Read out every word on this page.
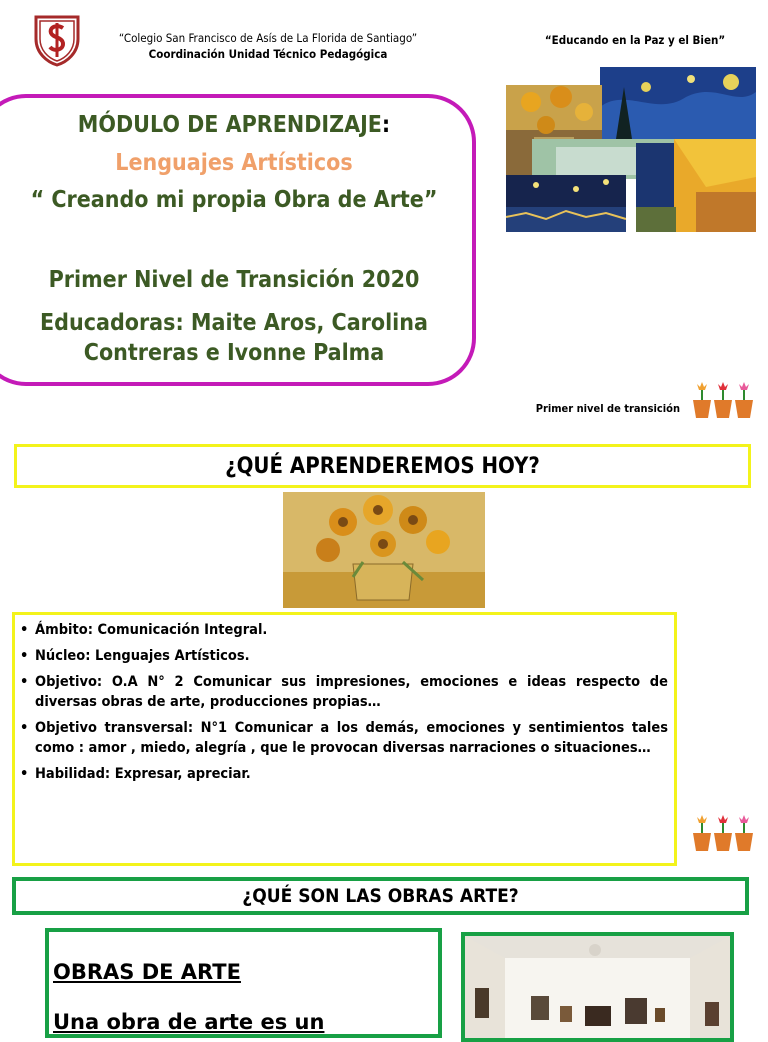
“Colegio San Francisco de Asís de La Florida de Santiago”
Coordinación Unidad Técnico Pedagógica
“Educando en la Paz y el Bien”
MÓDULO DE APRENDIZAJE:
Lenguajes Artísticos
“ Creando mi propia Obra de Arte”
Primer Nivel de Transición 2020
Educadoras: Maite Aros, Carolina
Contreras e Ivonne Palma
Primer nivel de transición
¿QUÉ APRENDEREMOS HOY?
• Ámbito: Comunicación Integral.
• Núcleo: Lenguajes Artísticos.
• Objetivo: O.A N° 2 Comunicar sus impresiones, emociones e ideas respecto de diversas obras de arte, producciones propias…
• Objetivo transversal: N°1 Comunicar a los demás, emociones y sentimientos tales como : amor , miedo, alegría , que le provocan diversas narraciones o situaciones…
• Habilidad: Expresar, apreciar.
¿QUÉ SON LAS OBRAS ARTE?
OBRAS DE ARTE
Una obra de arte es un
